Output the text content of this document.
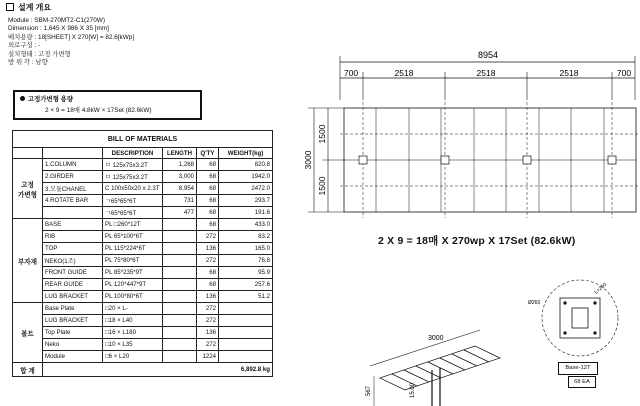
설계 개요
Module : SBM-270MT2-C1(270W)
Dimension : 1,645 X 986 X 35 [mm]
배치용량 : 18[SHEET] X 270[W] = 82.6[kWp]
외로구성 : -
설치형태 : 고정 가변형
방 위 각 : 남향
고정가변형 용량
2 × 9 = 18매 4.8kW × 17Set (82.6kW)
BILL OF MATERIALS					
		DESCRIPTION	LENGTH	Q'TY	WEIGHT(kg)
고정
가변형	1.COLUMN	ㅁ 125x75x3.2T	1,268	68	820.8
	2.GIRDER	ㅁ 125x75x3.2T	3,000	68	1942.0
	3.모듈CHANEL	C 100x50x20 x 2.3T	8,954	68	2472.0
	4.ROTATE BAR	ㄱ65*65*6T	731	68	293.7
		ㄱ65*65*6T	477	68	191.6
부자재	BASE	PL □260*12T		68	433.0
	RIB	PL 65*100*6T		272	83.2
	TOP	PL 115*224*6T		136	165.0
	NEKO(1조)	PL 75*80*6T		272	76.8
	FRONT GUIDE	PL 85*235*9T		68	95.9
	REAR GUIDE	PL 120*447*9T		68	257.6
	LUG BRACKET	PL 100*80*6T		136	51.2
볼트	Base Plate	□20 × L-		272	
	LUG BRACKET	□18 × L40		272	
	Top Plate	□16 × L180		136	
	Neko	□10 × L35		272	
	Module	□6 × L20		1224	
합 계	6,892.8 kg				
8954
700	2518	2518	2518	700
3000
1500
1500
2 X 9 = 18매 X 270wp X 17Set (82.6kW)
3000
567	15.00
Ø260
L=260
Base-12T
68 EA
